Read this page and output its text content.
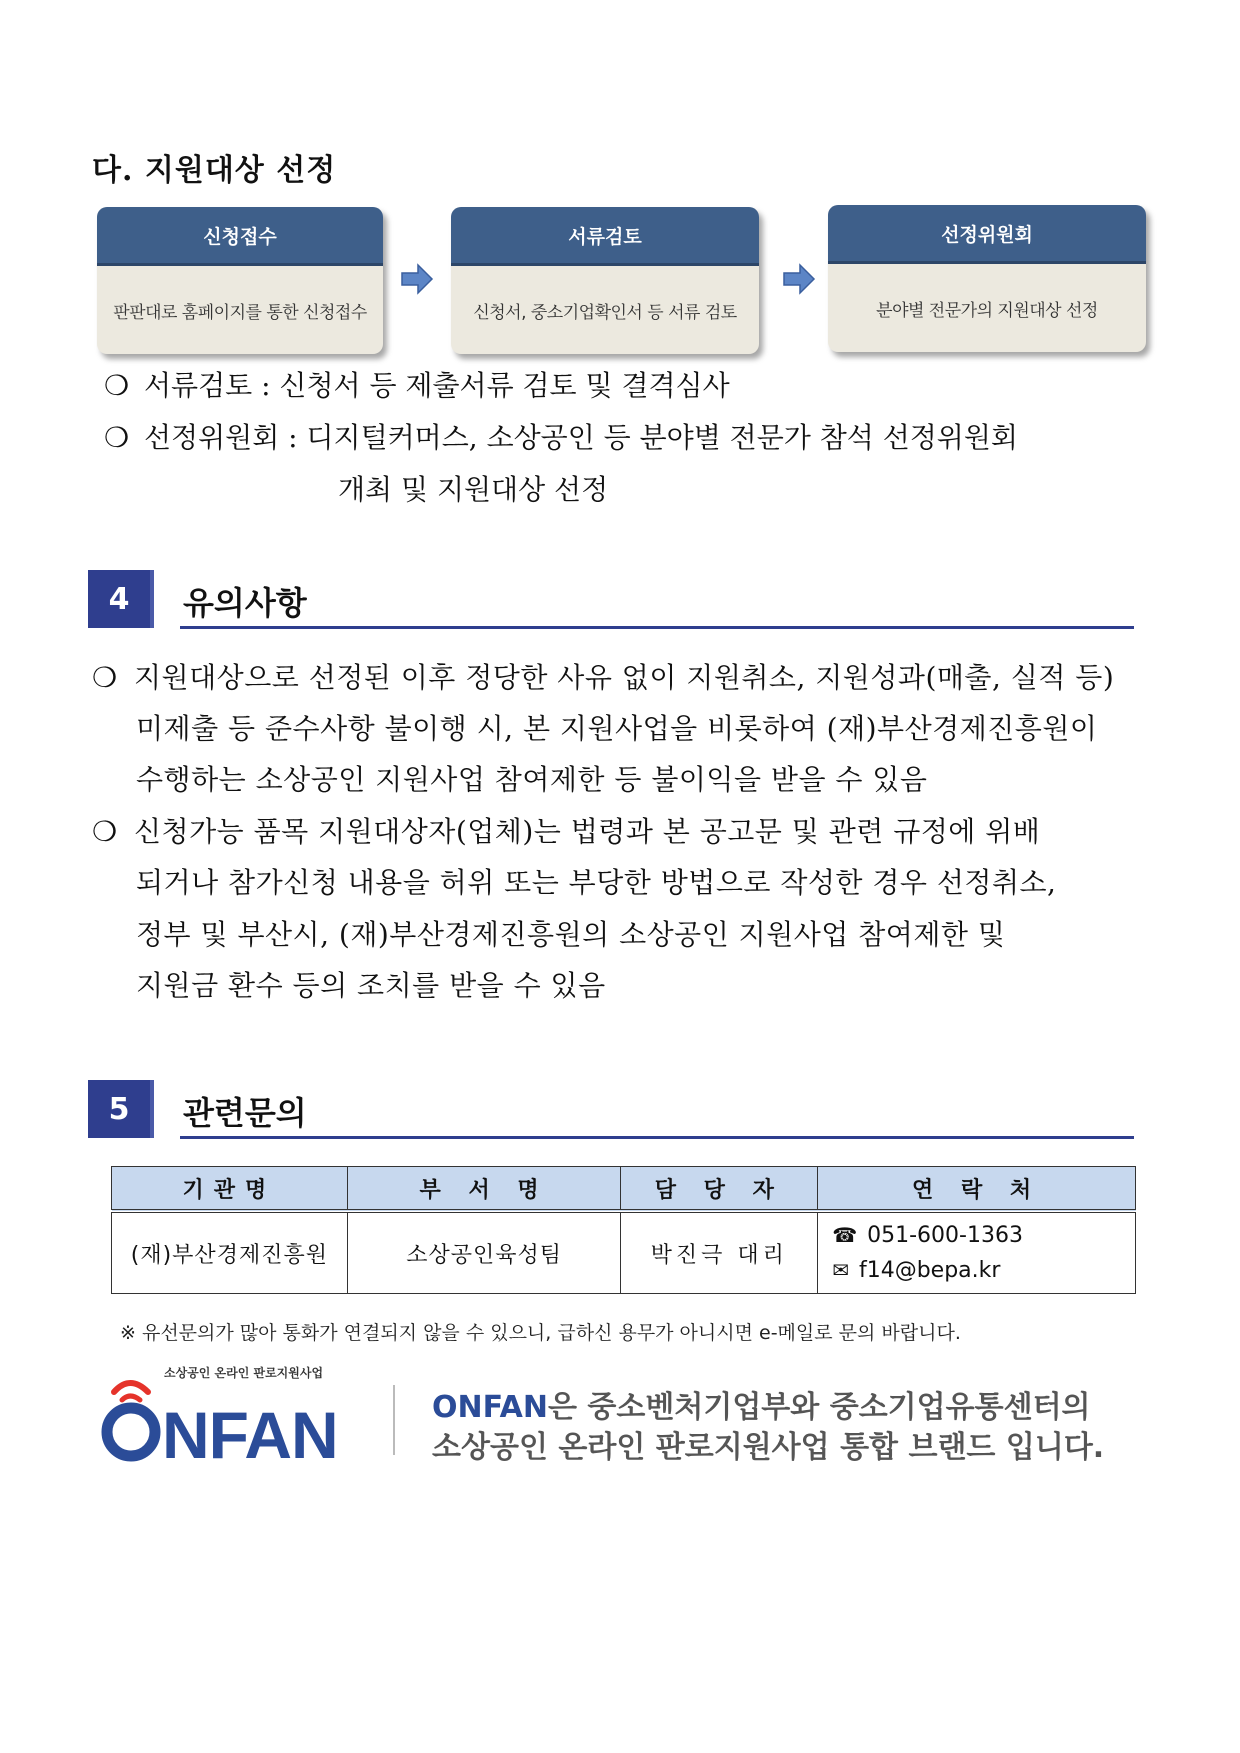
다. 지원대상 선정
신청접수
판판대로 홈페이지를 통한 신청접수
서류검토
신청서, 중소기업확인서 등 서류 검토
선정위원회
분야별 전문가의 지원대상 선정
❍ 서류검토 : 신청서 등 제출서류 검토 및 결격심사
❍ 선정위원회 : 디지털커머스, 소상공인 등 분야별 전문가 참석 선정위원회
개최 및 지원대상 선정
4	유의사항
❍ 지원대상으로 선정된 이후 정당한 사유 없이 지원취소, 지원성과(매출, 실적 등)
미제출 등 준수사항 불이행 시, 본 지원사업을 비롯하여 (재)부산경제진흥원이
수행하는 소상공인 지원사업 참여제한 등 불이익을 받을 수 있음
❍ 신청가능 품목 지원대상자(업체)는 법령과 본 공고문 및 관련 규정에 위배
되거나 참가신청 내용을 허위 또는 부당한 방법으로 작성한 경우 선정취소,
정부 및 부산시, (재)부산경제진흥원의 소상공인 지원사업 참여제한 및
지원금 환수 등의 조치를 받을 수 있음
5	관련문의
기관명	부 서 명	담 당 자	연 락 처
(재)부산경제진흥원	소상공인육성팀	박진극 대리	☎ 051-600-1363
✉ f14@bepa.kr
※ 유선문의가 많아 통화가 연결되지 않을 수 있으니, 급하신 용무가 아니시면 e-메일로 문의 바랍니다.
NFAN
소상공인 온라인 판로지원사업
ONFAN은 중소벤처기업부와 중소기업유통센터의
소상공인 온라인 판로지원사업 통합 브랜드 입니다.
